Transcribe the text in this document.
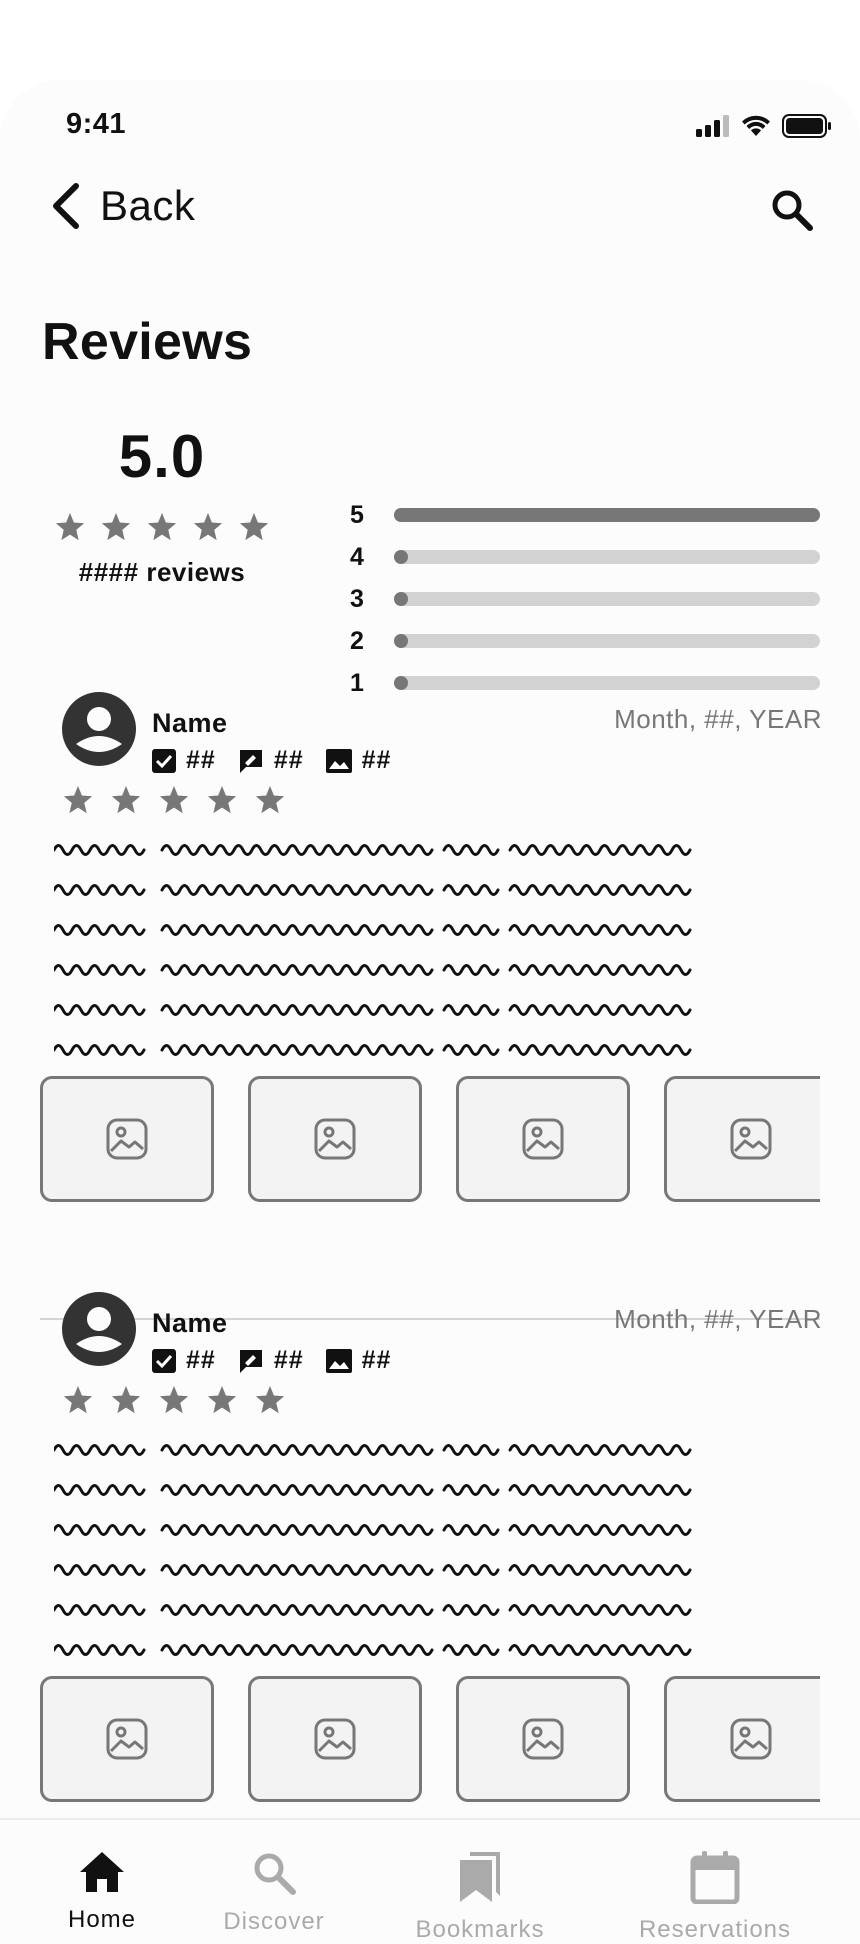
9:41
Back
Reviews
5.0
#### reviews
5
4
3
2
1
Name	Month, ##, YEAR
## ## ##
Name	Month, ##, YEAR
## ## ##
Home	Discover	Bookmarks	Reservations
